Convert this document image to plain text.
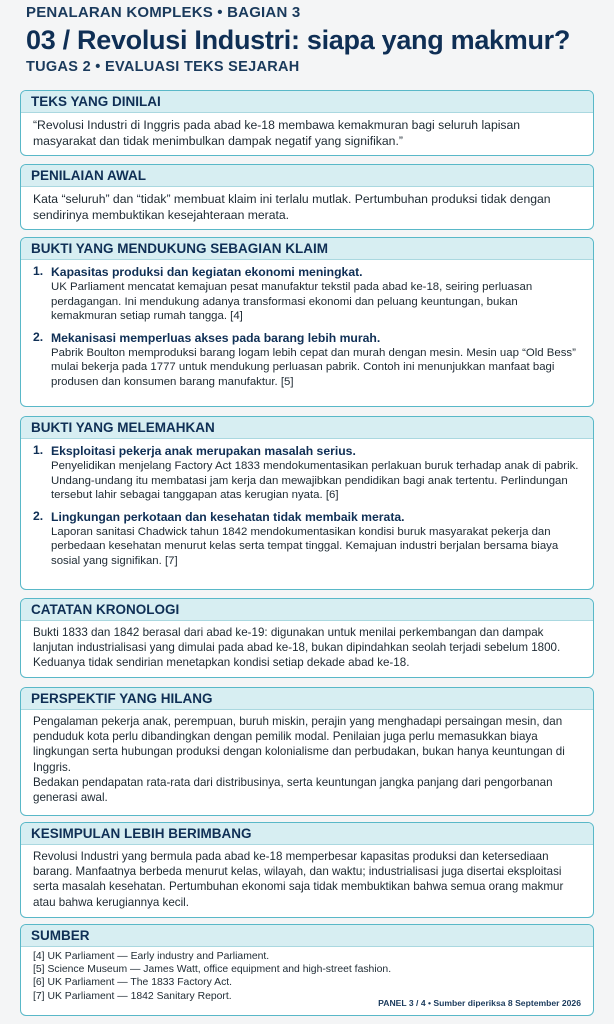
PENALARAN KOMPLEKS • BAGIAN 3
03 / Revolusi Industri: siapa yang makmur?
TUGAS 2 • EVALUASI TEKS SEJARAH
TEKS YANG DINILAI
“Revolusi Industri di Inggris pada abad ke-18 membawa kemakmuran bagi seluruh lapisan masyarakat dan tidak menimbulkan dampak negatif yang signifikan.”
PENILAIAN AWAL
Kata “seluruh” dan “tidak” membuat klaim ini terlalu mutlak. Pertumbuhan produksi tidak dengan sendirinya membuktikan kesejahteraan merata.
BUKTI YANG MENDUKUNG SEBAGIAN KLAIM
1. Kapasitas produksi dan kegiatan ekonomi meningkat.
UK Parliament mencatat kemajuan pesat manufaktur tekstil pada abad ke-18, seiring perluasan perdagangan. Ini mendukung adanya transformasi ekonomi dan peluang keuntungan, bukan kemakmuran setiap rumah tangga. [4]
2. Mekanisasi memperluas akses pada barang lebih murah.
Pabrik Boulton memproduksi barang logam lebih cepat dan murah dengan mesin. Mesin uap “Old Bess” mulai bekerja pada 1777 untuk mendukung perluasan pabrik. Contoh ini menunjukkan manfaat bagi produsen dan konsumen barang manufaktur. [5]
BUKTI YANG MELEMAHKAN
1. Eksploitasi pekerja anak merupakan masalah serius.
Penyelidikan menjelang Factory Act 1833 mendokumentasikan perlakuan buruk terhadap anak di pabrik. Undang-undang itu membatasi jam kerja dan mewajibkan pendidikan bagi anak tertentu. Perlindungan tersebut lahir sebagai tanggapan atas kerugian nyata. [6]
2. Lingkungan perkotaan dan kesehatan tidak membaik merata.
Laporan sanitasi Chadwick tahun 1842 mendokumentasikan kondisi buruk masyarakat pekerja dan perbedaan kesehatan menurut kelas serta tempat tinggal. Kemajuan industri berjalan bersama biaya sosial yang signifikan. [7]
CATATAN KRONOLOGI
Bukti 1833 dan 1842 berasal dari abad ke-19: digunakan untuk menilai perkembangan dan dampak lanjutan industrialisasi yang dimulai pada abad ke-18, bukan dipindahkan seolah terjadi sebelum 1800. Keduanya tidak sendirian menetapkan kondisi setiap dekade abad ke-18.
PERSPEKTIF YANG HILANG
Pengalaman pekerja anak, perempuan, buruh miskin, perajin yang menghadapi persaingan mesin, dan penduduk kota perlu dibandingkan dengan pemilik modal. Penilaian juga perlu memasukkan biaya lingkungan serta hubungan produksi dengan kolonialisme dan perbudakan, bukan hanya keuntungan di Inggris.
Bedakan pendapatan rata-rata dari distribusinya, serta keuntungan jangka panjang dari pengorbanan generasi awal.
KESIMPULAN LEBIH BERIMBANG
Revolusi Industri yang bermula pada abad ke-18 memperbesar kapasitas produksi dan ketersediaan barang. Manfaatnya berbeda menurut kelas, wilayah, dan waktu; industrialisasi juga disertai eksploitasi serta masalah kesehatan. Pertumbuhan ekonomi saja tidak membuktikan bahwa semua orang makmur atau bahwa kerugiannya kecil.
SUMBER
[4] UK Parliament — Early industry and Parliament.
[5] Science Museum — James Watt, office equipment and high-street fashion.
[6] UK Parliament — The 1833 Factory Act.
[7] UK Parliament — 1842 Sanitary Report.
PANEL 3 / 4 • Sumber diperiksa 8 September 2026
